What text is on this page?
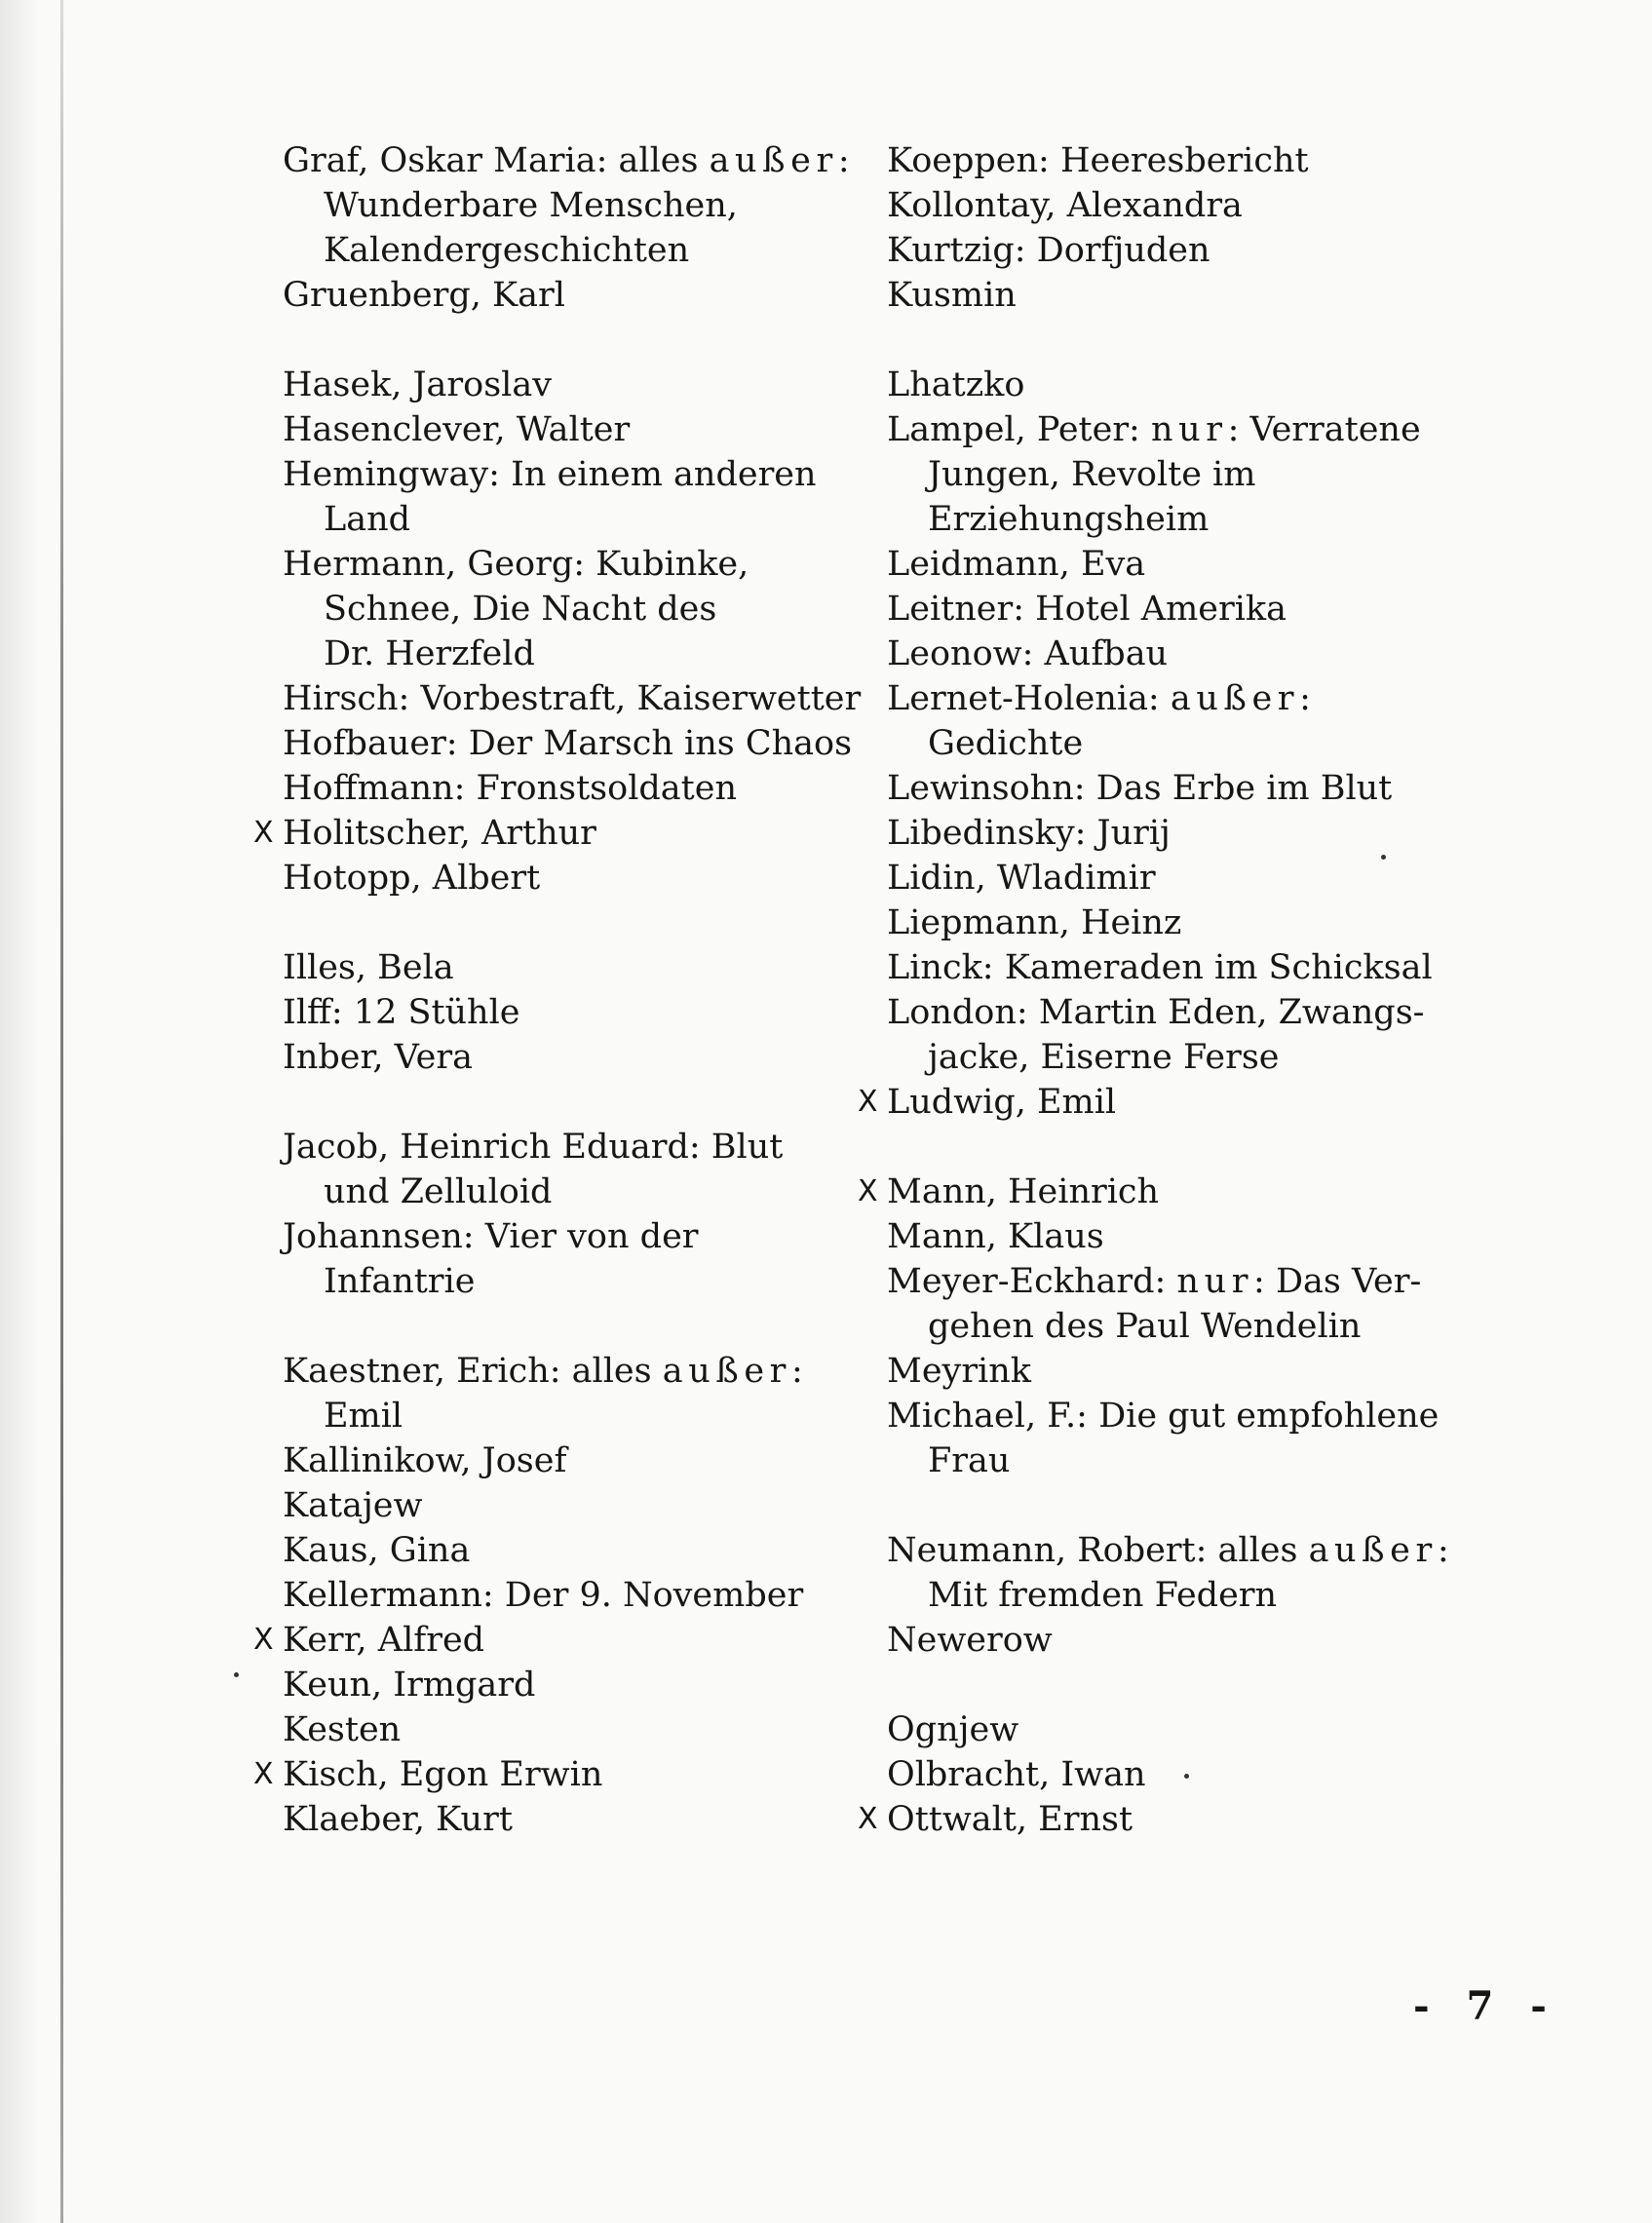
Graf, Oskar Maria: alles außer:
Wunderbare Menschen,
Kalendergeschichten
Gruenberg, Karl
Hasek, Jaroslav
Hasenclever, Walter
Hemingway: In einem anderen
Land
Hermann, Georg: Kubinke,
Schnee, Die Nacht des
Dr. Herzfeld
Hirsch: Vorbestraft, Kaiserwetter
Hofbauer: Der Marsch ins Chaos
Hoffmann: Fronstsoldaten
X Holitscher, Arthur
Hotopp, Albert
Illes, Bela
Ilff: 12 Stühle
Inber, Vera
Jacob, Heinrich Eduard: Blut
und Zelluloid
Johannsen: Vier von der
Infantrie
Kaestner, Erich: alles außer:
Emil
Kallinikow, Josef
Katajew
Kaus, Gina
Kellermann: Der 9. November
X Kerr, Alfred
Keun, Irmgard
Kesten
X Kisch, Egon Erwin
Klaeber, Kurt
Koeppen: Heeresbericht
Kollontay, Alexandra
Kurtzig: Dorfjuden
Kusmin
Lhatzko
Lampel, Peter: nur: Verratene
Jungen, Revolte im
Erziehungsheim
Leidmann, Eva
Leitner: Hotel Amerika
Leonow: Aufbau
Lernet-Holenia: außer:
Gedichte
Lewinsohn: Das Erbe im Blut
Libedinsky: Jurij
Lidin, Wladimir
Liepmann, Heinz
Linck: Kameraden im Schicksal
London: Martin Eden, Zwangs-
jacke, Eiserne Ferse
X Ludwig, Emil
X Mann, Heinrich
Mann, Klaus
Meyer-Eckhard: nur: Das Ver-
gehen des Paul Wendelin
Meyrink
Michael, F.: Die gut empfohlene
Frau
Neumann, Robert: alles außer:
Mit fremden Federn
Newerow
Ognjew
Olbracht, Iwan
X Ottwalt, Ernst
- 7 -
